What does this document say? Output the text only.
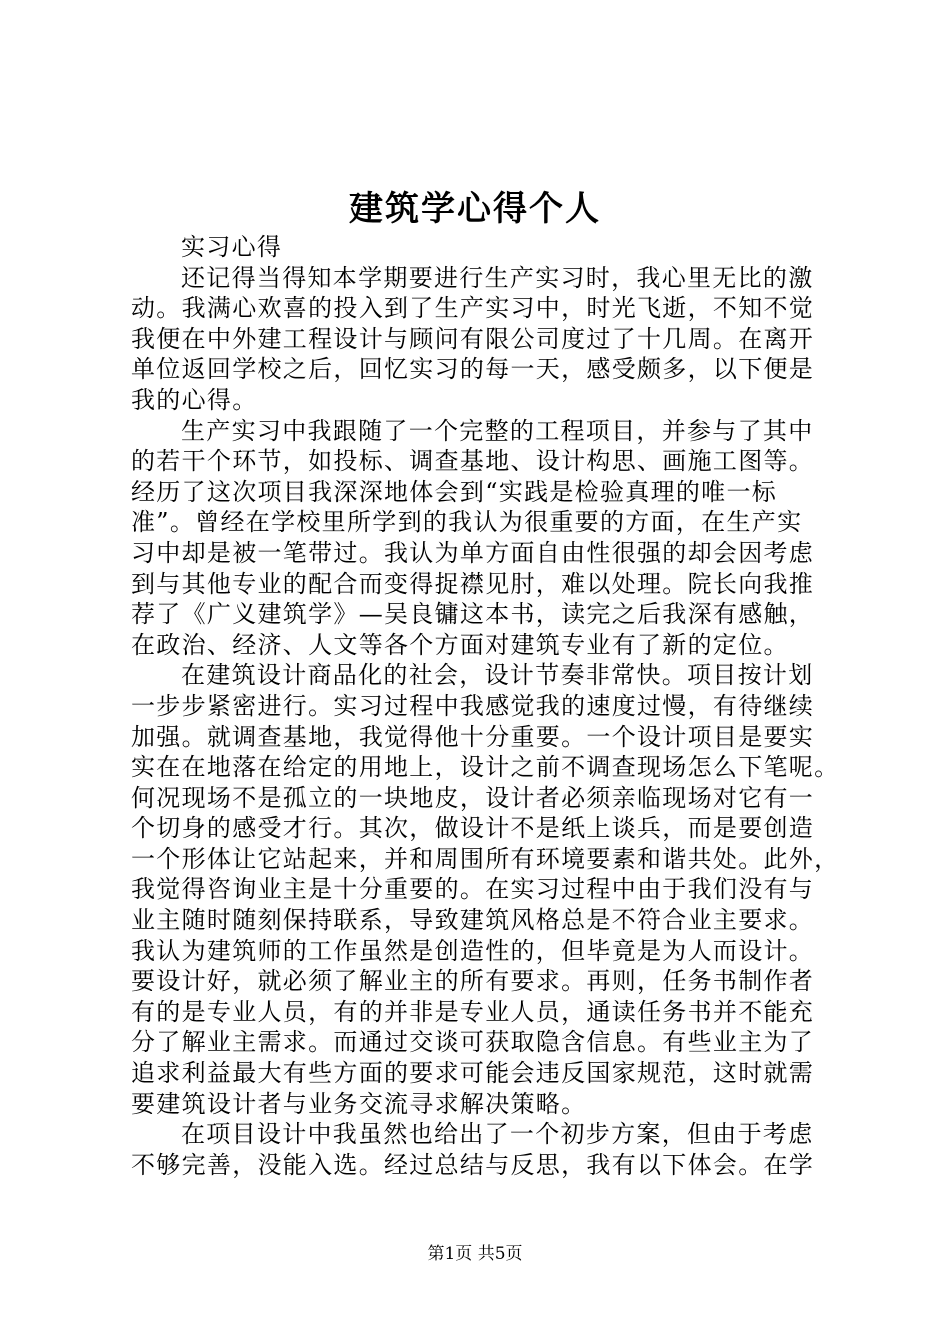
建筑学心得个人
实习心得
还记得当得知本学期要进行生产实习时，我心里无比的激
动。我满心欢喜的投入到了生产实习中，时光飞逝，不知不觉
我便在中外建工程设计与顾问有限公司度过了十几周。在离开
单位返回学校之后，回忆实习的每一天，感受颇多，以下便是
我的心得。
生产实习中我跟随了一个完整的工程项目，并参与了其中
的若干个环节，如投标、调查基地、设计构思、画施工图等。
经历了这次项目我深深地体会到“实践是检验真理的唯一标
准”。曾经在学校里所学到的我认为很重要的方面，在生产实
习中却是被一笔带过。我认为单方面自由性很强的却会因考虑
到与其他专业的配合而变得捉襟见肘，难以处理。院长向我推
荐了《广义建筑学》—吴良镛这本书，读完之后我深有感触，
在政治、经济、人文等各个方面对建筑专业有了新的定位。
在建筑设计商品化的社会，设计节奏非常快。项目按计划
一步步紧密进行。实习过程中我感觉我的速度过慢，有待继续
加强。就调查基地，我觉得他十分重要。一个设计项目是要实
实在在地落在给定的用地上，设计之前不调查现场怎么下笔呢。
何况现场不是孤立的一块地皮，设计者必须亲临现场对它有一
个切身的感受才行。其次，做设计不是纸上谈兵，而是要创造
一个形体让它站起来，并和周围所有环境要素和谐共处。此外，
我觉得咨询业主是十分重要的。在实习过程中由于我们没有与
业主随时随刻保持联系，导致建筑风格总是不符合业主要求。
我认为建筑师的工作虽然是创造性的，但毕竟是为人而设计。
要设计好，就必须了解业主的所有要求。再则，任务书制作者
有的是专业人员，有的并非是专业人员，通读任务书并不能充
分了解业主需求。而通过交谈可获取隐含信息。有些业主为了
追求利益最大有些方面的要求可能会违反国家规范，这时就需
要建筑设计者与业务交流寻求解决策略。
在项目设计中我虽然也给出了一个初步方案，但由于考虑
不够完善，没能入选。经过总结与反思，我有以下体会。在学
第1页 共5页
